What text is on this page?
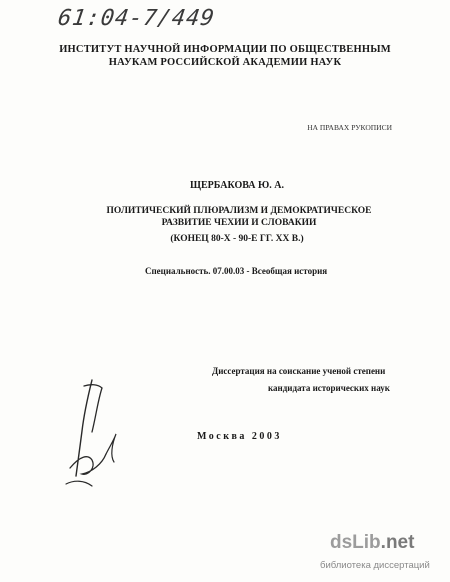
61:04-7/449
ИНСТИТУТ НАУЧНОЙ ИНФОРМАЦИИ ПО ОБЩЕСТВЕННЫМ
НАУКАМ РОССИЙСКОЙ АКАДЕМИИ НАУК
НА ПРАВАХ РУКОПИСИ
ЩЕРБАКОВА Ю. А.
ПОЛИТИЧЕСКИЙ ПЛЮРАЛИЗМ И ДЕМОКРАТИЧЕСКОЕ
РАЗВИТИЕ ЧЕХИИ И СЛОВАКИИ
(КОНЕЦ 80-Х - 90-Е ГГ. XX В.)
Специальность. 07.00.03 - Всеобщая история
Диссертация на соискание ученой степени
кандидата исторических наук
Москва 2003
dsLib.net
библиотека диссертаций
